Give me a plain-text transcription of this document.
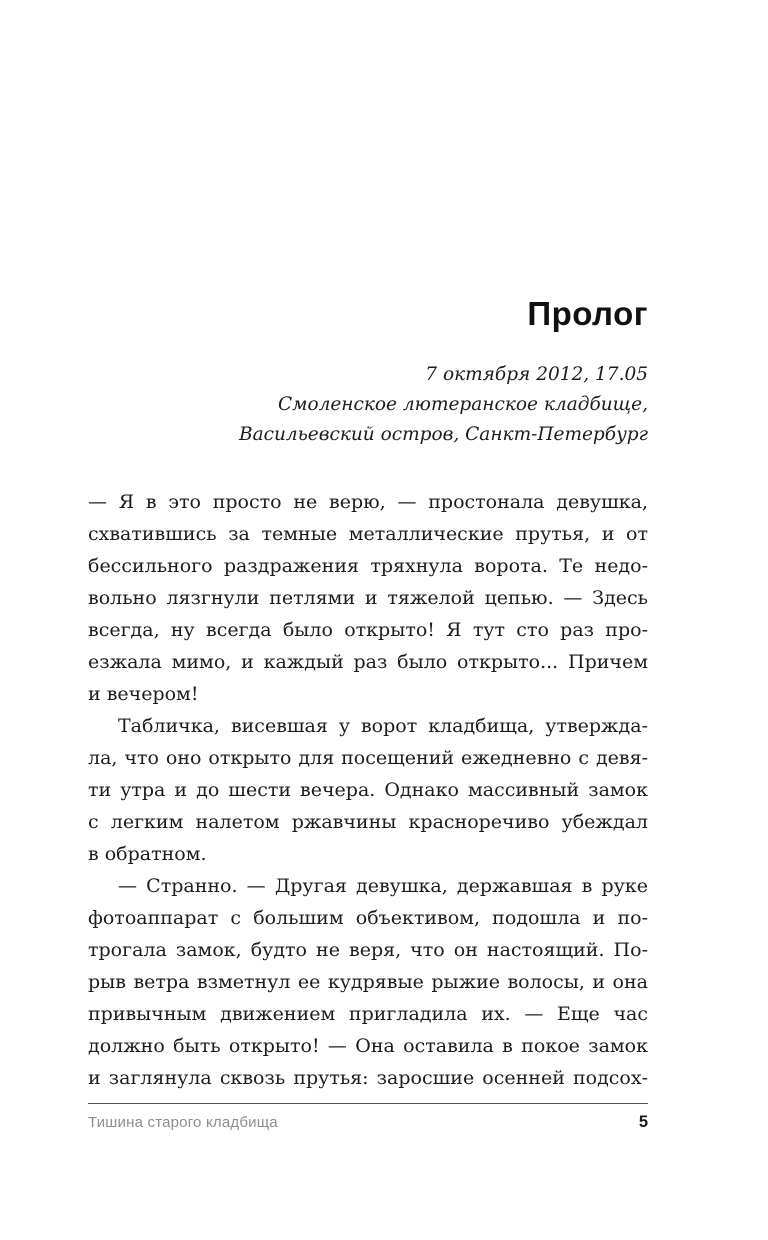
Пролог
7 октября 2012, 17.05
Смоленское лютеранское кладбище,
Васильевский остров, Санкт-Петербург
— Я в это просто не верю, — простонала девушка,
схватившись за темные металлические прутья, и от
бессильного раздражения тряхнула ворота. Те недо-
вольно лязгнули петлями и тяжелой цепью. — Здесь
всегда, ну всегда было открыто! Я тут сто раз про-
езжала мимо, и каждый раз было открыто... Причем
и вечером!
Табличка, висевшая у ворот кладбища, утвержда-
ла, что оно открыто для посещений ежедневно с девя-
ти утра и до шести вечера. Однако массивный замок
с легким налетом ржавчины красноречиво убеждал
в обратном.
— Странно. — Другая девушка, державшая в руке
фотоаппарат с большим объективом, подошла и по-
трогала замок, будто не веря, что он настоящий. По-
рыв ветра взметнул ее кудрявые рыжие волосы, и она
привычным движением пригладила их. — Еще час
должно быть открыто! — Она оставила в покое замок
и заглянула сквозь прутья: заросшие осенней подсох-
Тишина старого кладбища	5
